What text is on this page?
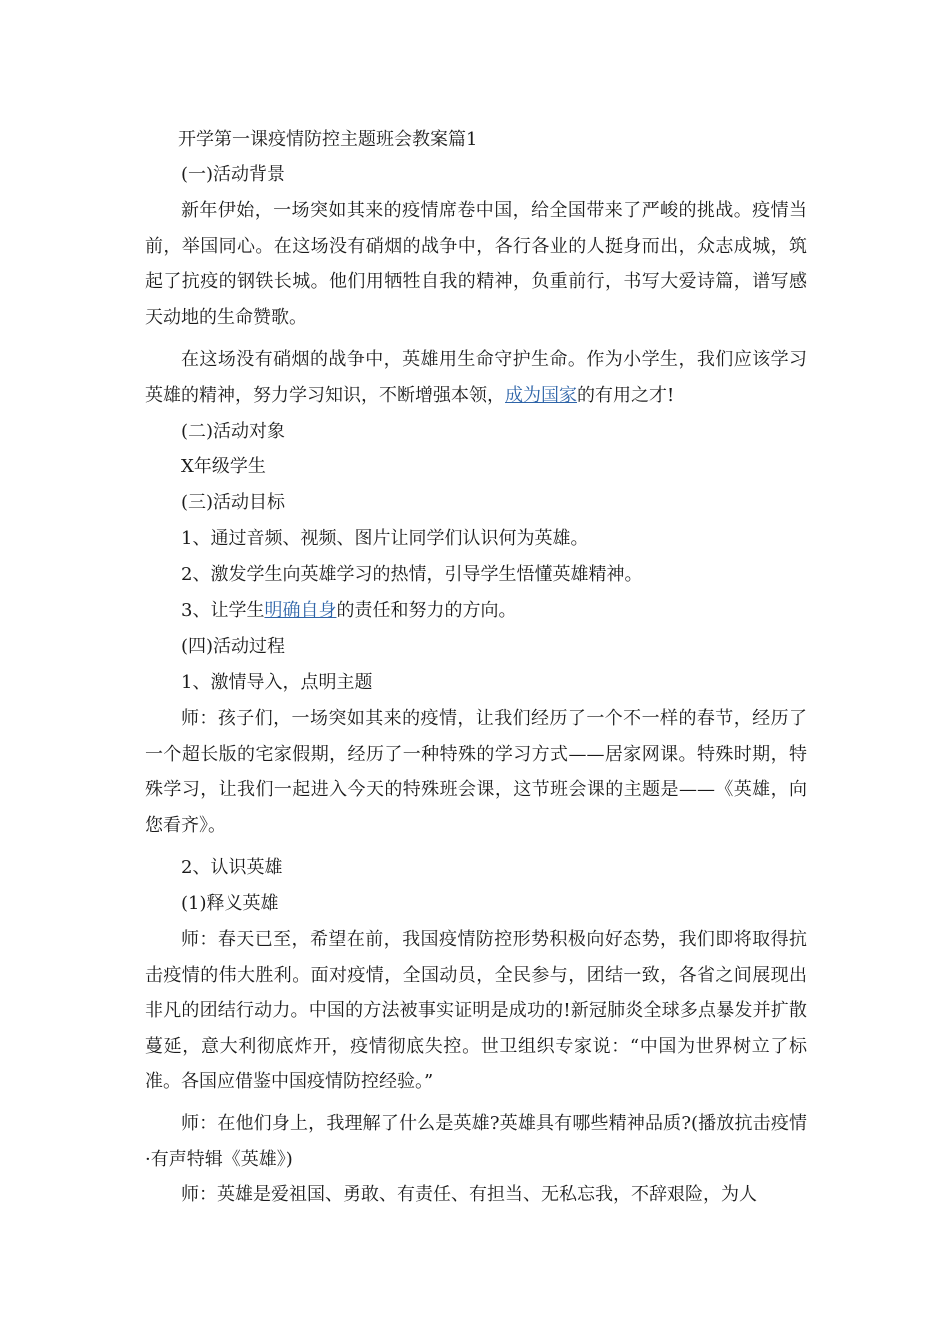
开学第一课疫情防控主题班会教案篇1

(一)活动背景

新年伊始，一场突如其来的疫情席卷中国，给全国带来了严峻的挑战。疫情当前，举国同心。在这场没有硝烟的战争中，各行各业的人挺身而出，众志成城，筑起了抗疫的钢铁长城。他们用牺牲自我的精神，负重前行，书写大爱诗篇，谱写感天动地的生命赞歌。

在这场没有硝烟的战争中，英雄用生命守护生命。作为小学生，我们应该学习英雄的精神，努力学习知识，不断增强本领，成为国家的有用之才!

(二)活动对象

X年级学生

(三)活动目标

1、通过音频、视频、图片让同学们认识何为英雄。

2、激发学生向英雄学习的热情，引导学生悟懂英雄精神。

3、让学生明确自身的责任和努力的方向。

(四)活动过程

1、激情导入，点明主题

师：孩子们，一场突如其来的疫情，让我们经历了一个不一样的春节，经历了一个超长版的宅家假期，经历了一种特殊的学习方式——居家网课。特殊时期，特殊学习，让我们一起进入今天的特殊班会课，这节班会课的主题是——《英雄，向您看齐》。

2、认识英雄

(1)释义英雄

师：春天已至，希望在前，我国疫情防控形势积极向好态势，我们即将取得抗击疫情的伟大胜利。面对疫情，全国动员，全民参与，团结一致，各省之间展现出非凡的团结行动力。中国的方法被事实证明是成功的!新冠肺炎全球多点暴发并扩散蔓延，意大利彻底炸开，疫情彻底失控。世卫组织专家说：“中国为世界树立了标准。各国应借鉴中国疫情防控经验。”

师：在他们身上，我理解了什么是英雄?英雄具有哪些精神品质?(播放抗击疫情·有声特辑《英雄》)

师：英雄是爱祖国、勇敢、有责任、有担当、无私忘我，不辞艰险，为人
